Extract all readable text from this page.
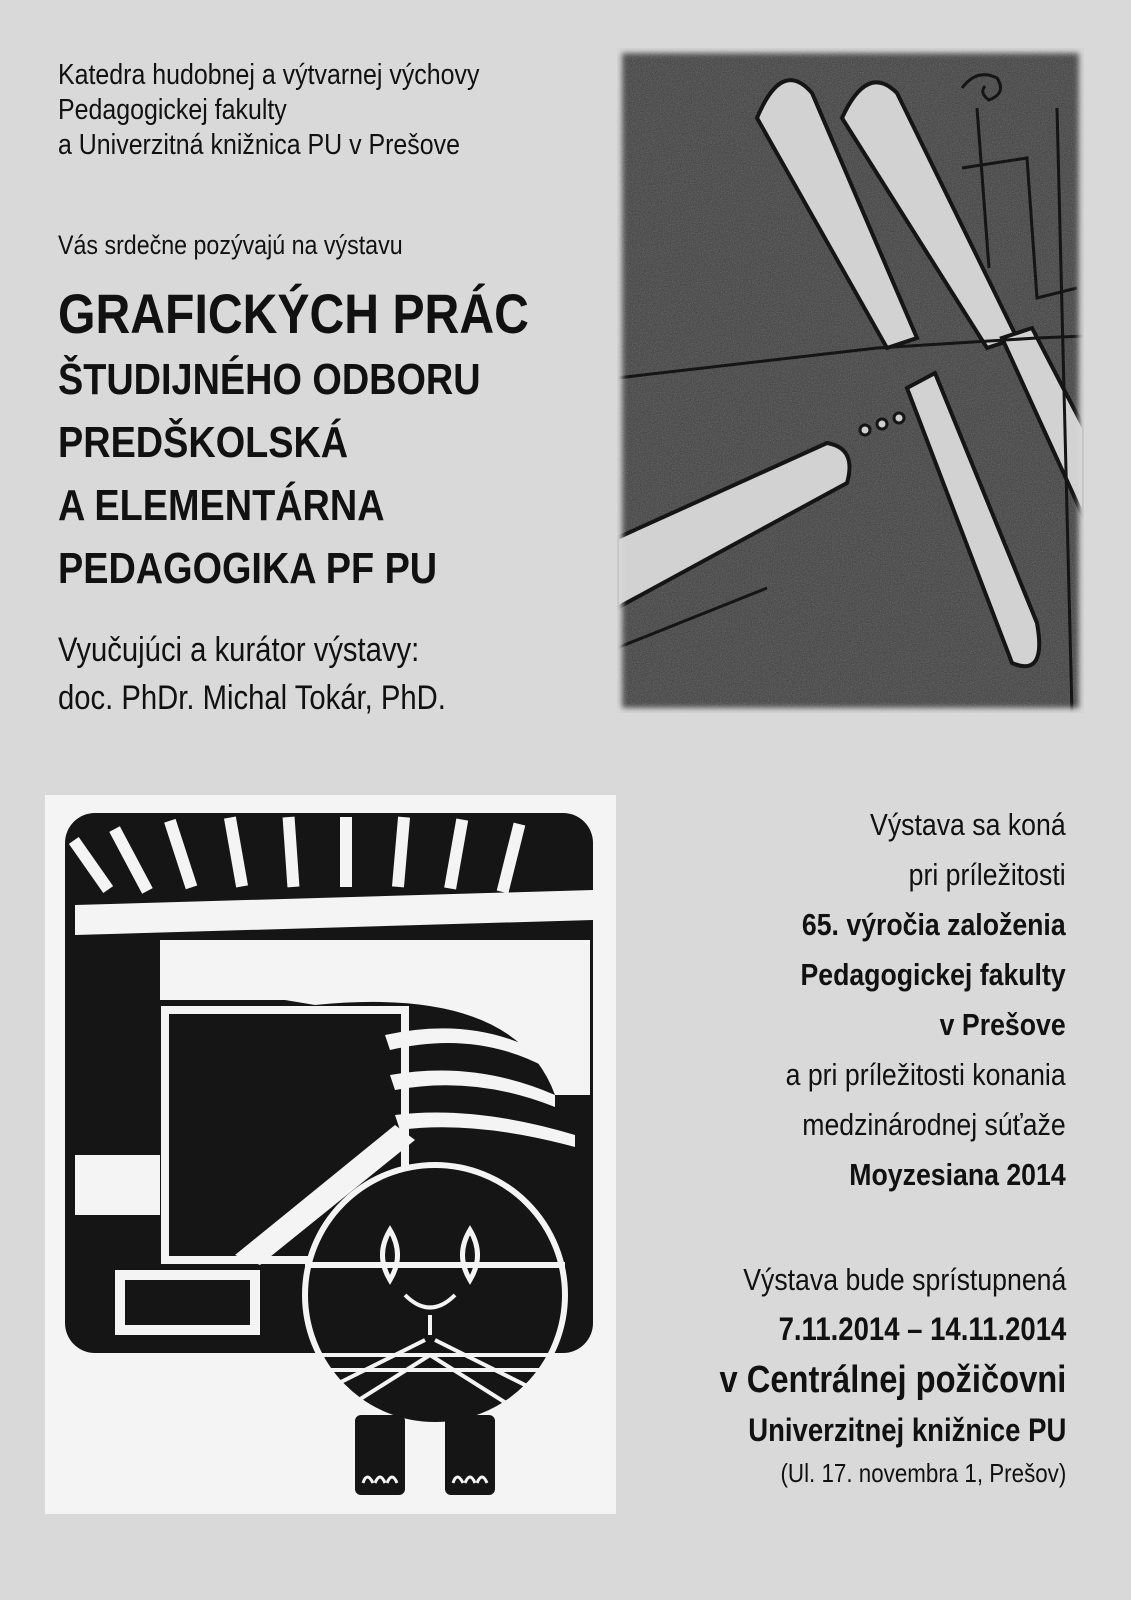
Katedra hudobnej a výtvarnej výchovy
Pedagogickej fakulty
a Univerzitná knižnica PU v Prešove
Vás srdečne pozývajú na výstavu
GRAFICKÝCH PRÁC
ŠTUDIJNÉHO ODBORU
PREDŠKOLSKÁ
A ELEMENTÁRNA
PEDAGOGIKA PF PU
Vyučujúci a kurátor výstavy:
doc. PhDr. Michal Tokár, PhD.
Výstava sa koná
pri príležitosti
65. výročia založenia
Pedagogickej fakulty
v Prešove
a pri príležitosti konania
medzinárodnej súťaže
Moyzesiana 2014
Výstava bude sprístupnená
7.11.2014 – 14.11.2014
v Centrálnej požičovni
Univerzitnej knižnice PU
(Ul. 17. novembra 1, Prešov)
